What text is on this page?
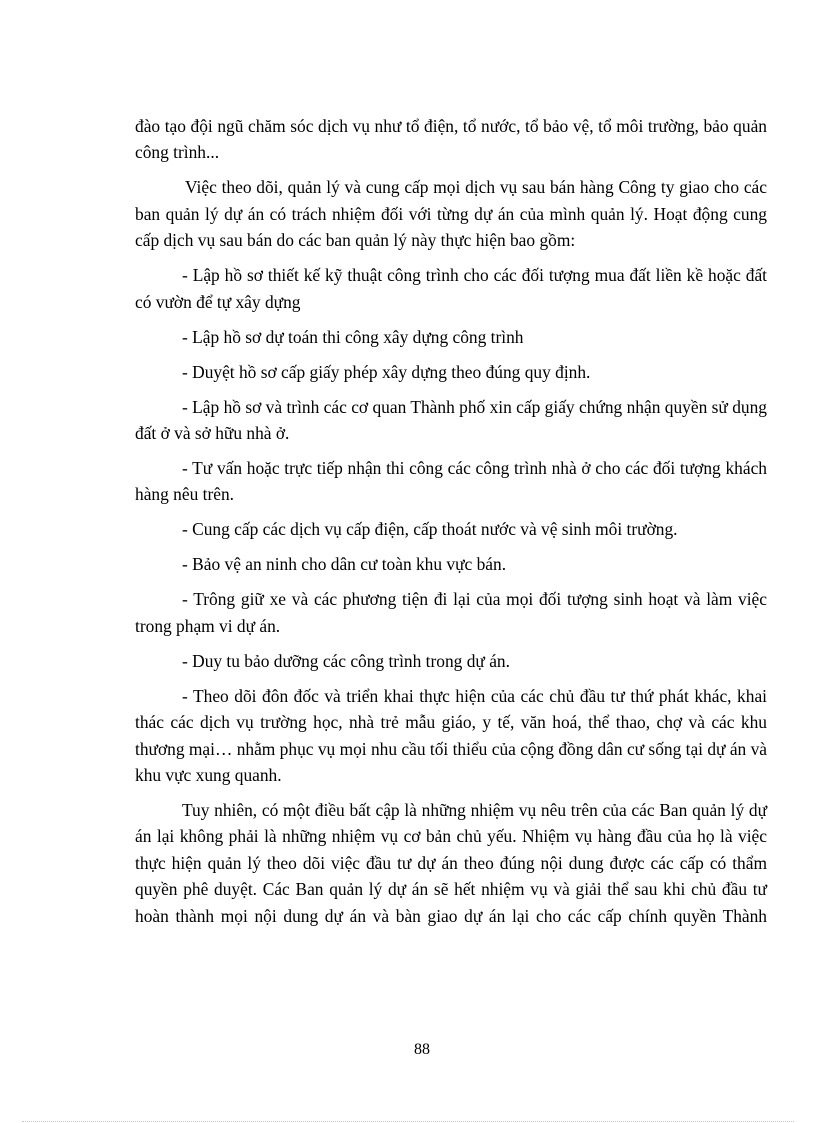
đào tạo đội ngũ chăm sóc dịch vụ như tổ điện, tổ nước, tổ bảo vệ, tổ môi trường, bảo quản công trình...

Việc theo dõi, quản lý và cung cấp mọi dịch vụ sau bán hàng Công ty giao cho các ban quản lý dự án có trách nhiệm đối với từng dự án của mình quản lý. Hoạt động cung cấp dịch vụ sau bán do các ban quản lý này thực hiện bao gồm:

- Lập hồ sơ thiết kế kỹ thuật công trình cho các đối tượng mua đất liền kề hoặc đất có vườn để tự xây dựng

- Lập hồ sơ dự toán thi công xây dựng công trình

- Duyệt hồ sơ cấp giấy phép xây dựng theo đúng quy định.

- Lập hồ sơ và trình các cơ quan Thành phố xin cấp giấy chứng nhận quyền sử dụng đất ở và sở hữu nhà ở.

- Tư vấn hoặc trực tiếp nhận thi công các công trình nhà ở cho các đối tượng khách hàng nêu trên.

- Cung cấp các dịch vụ cấp điện, cấp thoát nước và vệ sinh môi trường.

- Bảo vệ an ninh cho dân cư toàn khu vực bán.

- Trông giữ xe và các phương tiện đi lại của mọi đối tượng sinh hoạt và làm việc trong phạm vi dự án.

- Duy tu bảo dưỡng các công trình trong dự án.

- Theo dõi đôn đốc và triển khai thực hiện của các chủ đầu tư thứ phát khác, khai thác các dịch vụ trường học, nhà trẻ mẫu giáo, y tế, văn hoá, thể thao, chợ và các khu thương mại… nhằm phục vụ mọi nhu cầu tối thiểu của cộng đồng dân cư sống tại dự án và khu vực xung quanh.

Tuy nhiên, có một điều bất cập là những nhiệm vụ nêu trên của các Ban quản lý dự án lại không phải là những nhiệm vụ cơ bản chủ yếu. Nhiệm vụ hàng đầu của họ là việc thực hiện quản lý theo dõi việc đầu tư dự án theo đúng nội dung được các cấp có thẩm quyền phê duyệt. Các Ban quản lý dự án sẽ hết nhiệm vụ và giải thể sau khi chủ đầu tư hoàn thành mọi nội dung dự án và bàn giao dự án lại cho các cấp chính quyền Thành

88
